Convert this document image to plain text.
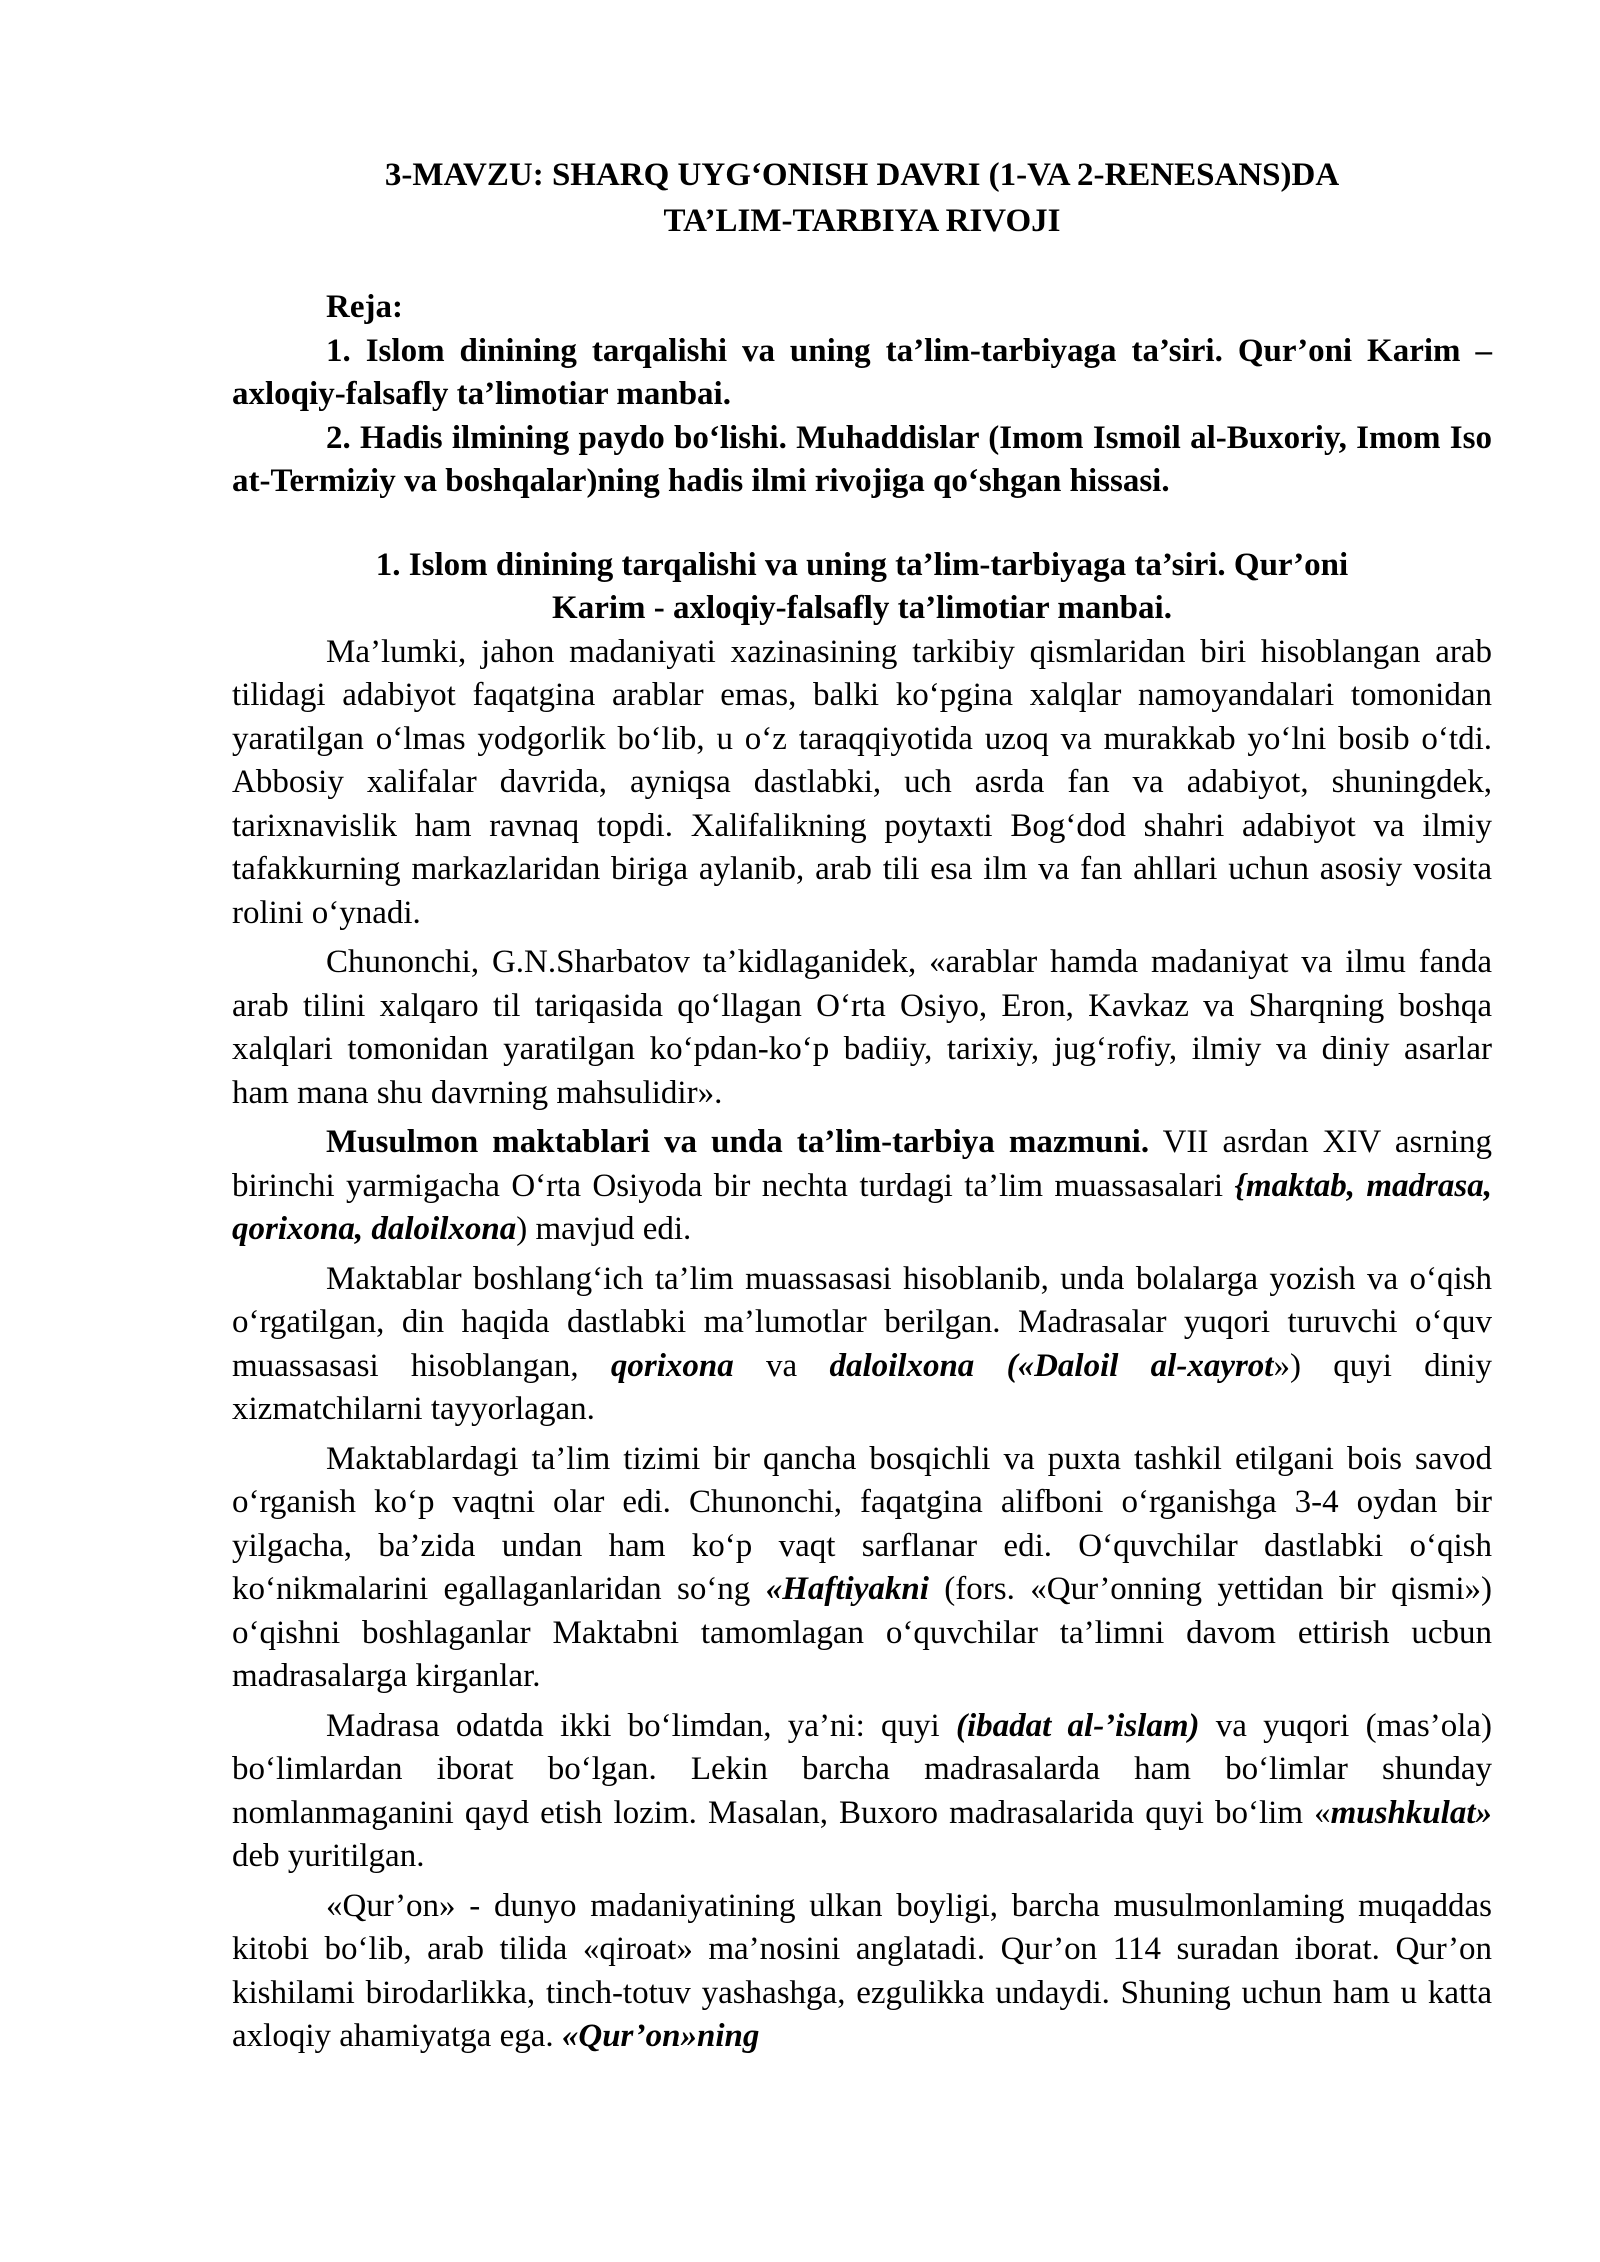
3-MAVZU: SHARQ UYG‘ONISH DAVRI (1-VA 2-RENESANS)DA
TA’LIM-TARBIYA RIVOJI

Reja:

1. Islom dinining tarqalishi va uning ta’lim-tarbiyaga ta’siri. Qur’oni Karim – axloqiy-falsafly ta’limotiar manbai.

2. Hadis ilmining paydo bo‘lishi. Muhaddislar (Imom Ismoil al-Buxoriy, Imom Iso at-Termiziy va boshqalar)ning hadis ilmi rivojiga qo‘shgan hissasi.

1. Islom dinining tarqalishi va uning ta’lim-tarbiyaga ta’siri. Qur’oni
Karim - axloqiy-falsafly ta’limotiar manbai.

Ma’lumki, jahon madaniyati xazinasining tarkibiy qismlaridan biri hisoblangan arab tilidagi adabiyot faqatgina arablar emas, balki ko‘pgina xalqlar namoyandalari tomonidan yaratilgan o‘lmas yodgorlik bo‘lib, u o‘z taraqqiyotida uzoq va murakkab yo‘lni bosib o‘tdi. Abbosiy xalifalar davrida, ayniqsa dastlabki, uch asrda fan va adabiyot, shuningdek, tarixnavislik ham ravnaq topdi. Xalifalikning poytaxti Bog‘dod shahri adabiyot va ilmiy tafakkurning markazlaridan biriga aylanib, arab tili esa ilm va fan ahllari uchun asosiy vosita rolini o‘ynadi.

Chunonchi, G.N.Sharbatov ta’kidlaganidek, «arablar hamda madaniyat va ilmu fanda arab tilini xalqaro til tariqasida qo‘llagan O‘rta Osiyo, Eron, Kavkaz va Sharqning boshqa xalqlari tomonidan yaratilgan ko‘pdan-ko‘p badiiy, tarixiy, jug‘rofiy, ilmiy va diniy asarlar ham mana shu davrning mahsulidir».

Musulmon maktablari va unda ta’lim-tarbiya mazmuni. VII asrdan XIV asrning birinchi yarmigacha O‘rta Osiyoda bir nechta turdagi ta’lim muassasalari {maktab, madrasa, qorixona, daloilxona) mavjud edi.

Maktablar boshlang‘ich ta’lim muassasasi hisoblanib, unda bolalarga yozish va o‘qish o‘rgatilgan, din haqida dastlabki ma’lumotlar berilgan. Madrasalar yuqori turuvchi o‘quv muassasasi hisoblangan, qorixona va daloilxona («Daloil al-xayrot») quyi diniy xizmatchilarni tayyorlagan.

Maktablardagi ta’lim tizimi bir qancha bosqichli va puxta tashkil etilgani bois savod o‘rganish ko‘p vaqtni olar edi. Chunonchi, faqatgina alifboni o‘rganishga 3-4 oydan bir yilgacha, ba’zida undan ham ko‘p vaqt sarflanar edi. O‘quvchilar dastlabki o‘qish ko‘nikmalarini egallaganlaridan so‘ng «Haftiyakni (fors. «Qur’onning yettidan bir qismi») o‘qishni boshlaganlar Maktabni tamomlagan o‘quvchilar ta’limni davom ettirish ucbun madrasalarga kirganlar.

Madrasa odatda ikki bo‘limdan, ya’ni: quyi (ibadat al-’islam) va yuqori (mas’ola) bo‘limlardan iborat bo‘lgan. Lekin barcha madrasalarda ham bo‘limlar shunday nomlanmaganini qayd etish lozim. Masalan, Buxoro madrasalarida quyi bo‘lim «mushkulat» deb yuritilgan.

«Qur’on» - dunyo madaniyatining ulkan boyligi, barcha musulmonlaming muqaddas kitobi bo‘lib, arab tilida «qiroat» ma’nosini anglatadi. Qur’on 114 suradan iborat. Qur’on kishilami birodarlikka, tinch-totuv yashashga, ezgulikka undaydi. Shuning uchun ham u katta axloqiy ahamiyatga ega. «Qur’on»ning
